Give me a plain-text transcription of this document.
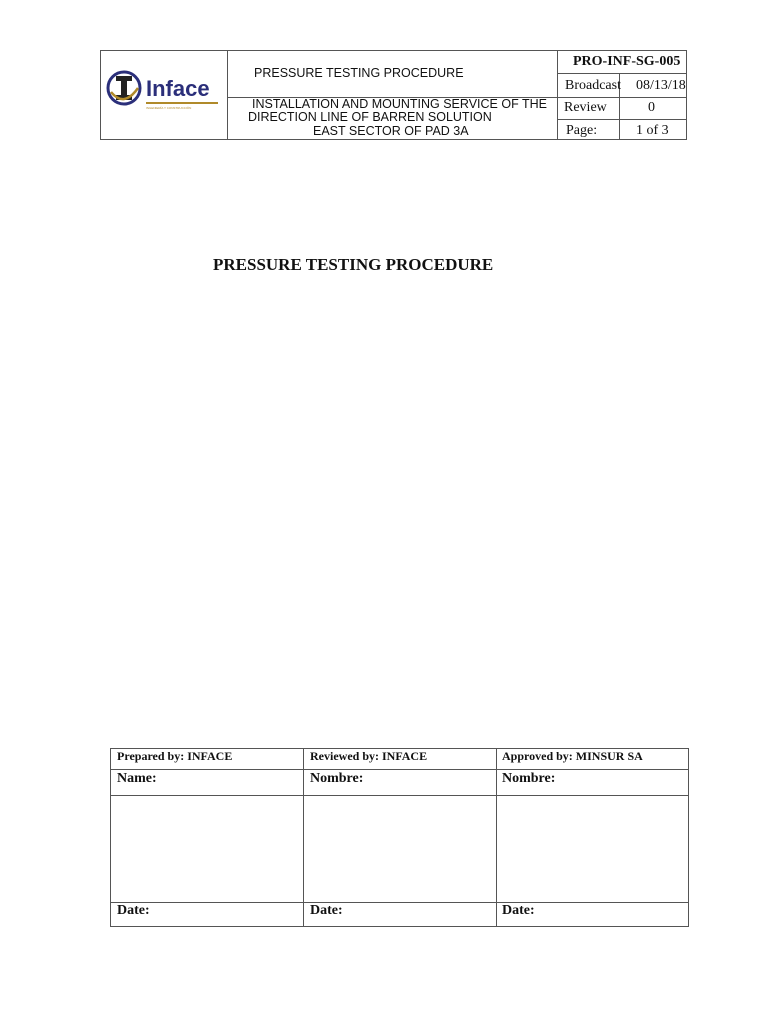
Inface
INGENIERÍA Y CONSTRUCCIÓN
PRESSURE TESTING PROCEDURE
INSTALLATION AND MOUNTING SERVICE OF THE
DIRECTION LINE OF BARREN SOLUTION
EAST SECTOR OF PAD 3A
PRO-INF-SG-005
Broadcast 08/13/18
Review	0
Page:	1 of 3
PRESSURE TESTING PROCEDURE
Prepared by: INFACE	Reviewed by: INFACE	Approved by: MINSUR SA
Name:	Nombre:	Nombre:
Date:	Date:	Date:
